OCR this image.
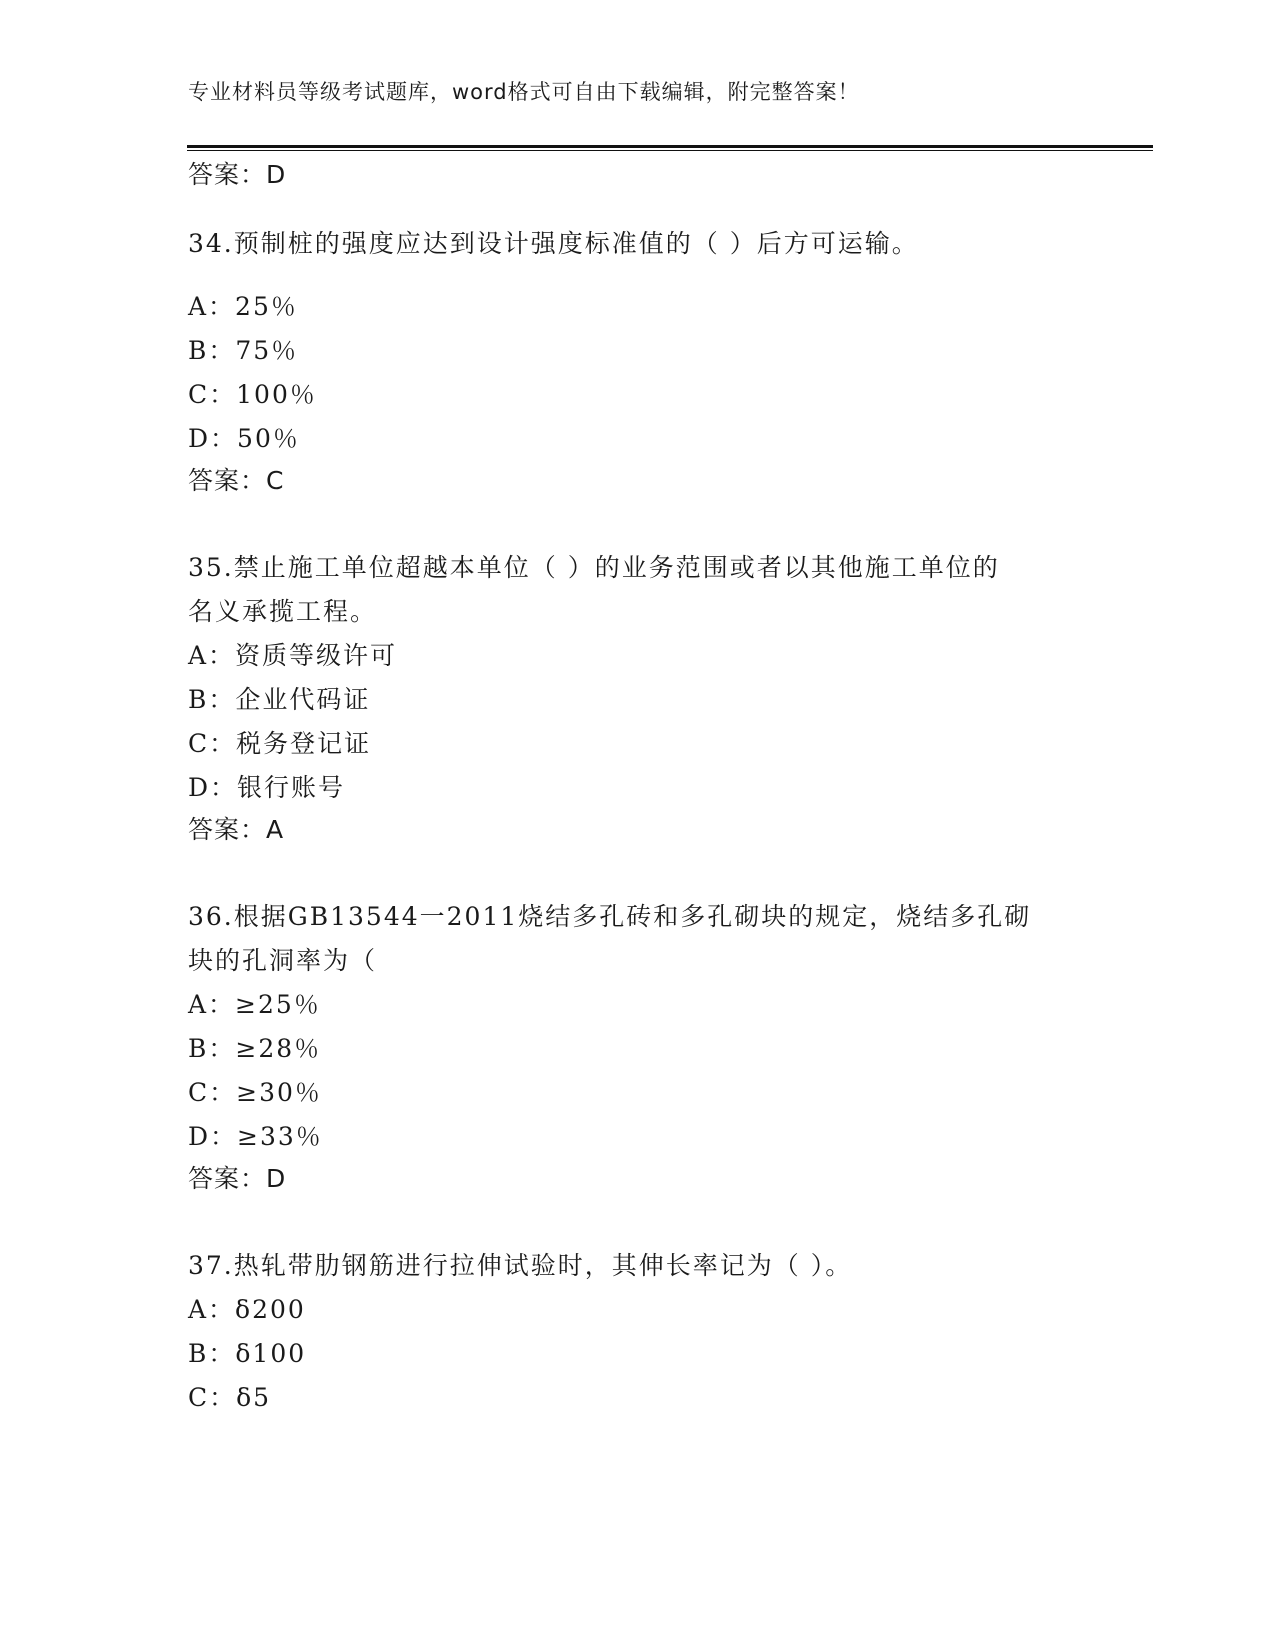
专业材料员等级考试题库，word格式可自由下载编辑，附完整答案！
答案：D
34.预制桩的强度应达到设计强度标准值的（ ）后方可运输。
A：25％
B：75％
C：100％
D：50％
答案：C
35.禁止施工单位超越本单位（ ）的业务范围或者以其他施工单位的
名义承揽工程。
A：资质等级许可
B：企业代码证
C：税务登记证
D：银行账号
答案：A
36.根据GB13544一2011烧结多孔砖和多孔砌块的规定，烧结多孔砌
块的孔洞率为（
A：≥25％
B：≥28％
C：≥30％
D：≥33％
答案：D
37.热轧带肋钢筋进行拉伸试验时，其伸长率记为（ ）。
A：δ200
B：δ100
C：δ5
